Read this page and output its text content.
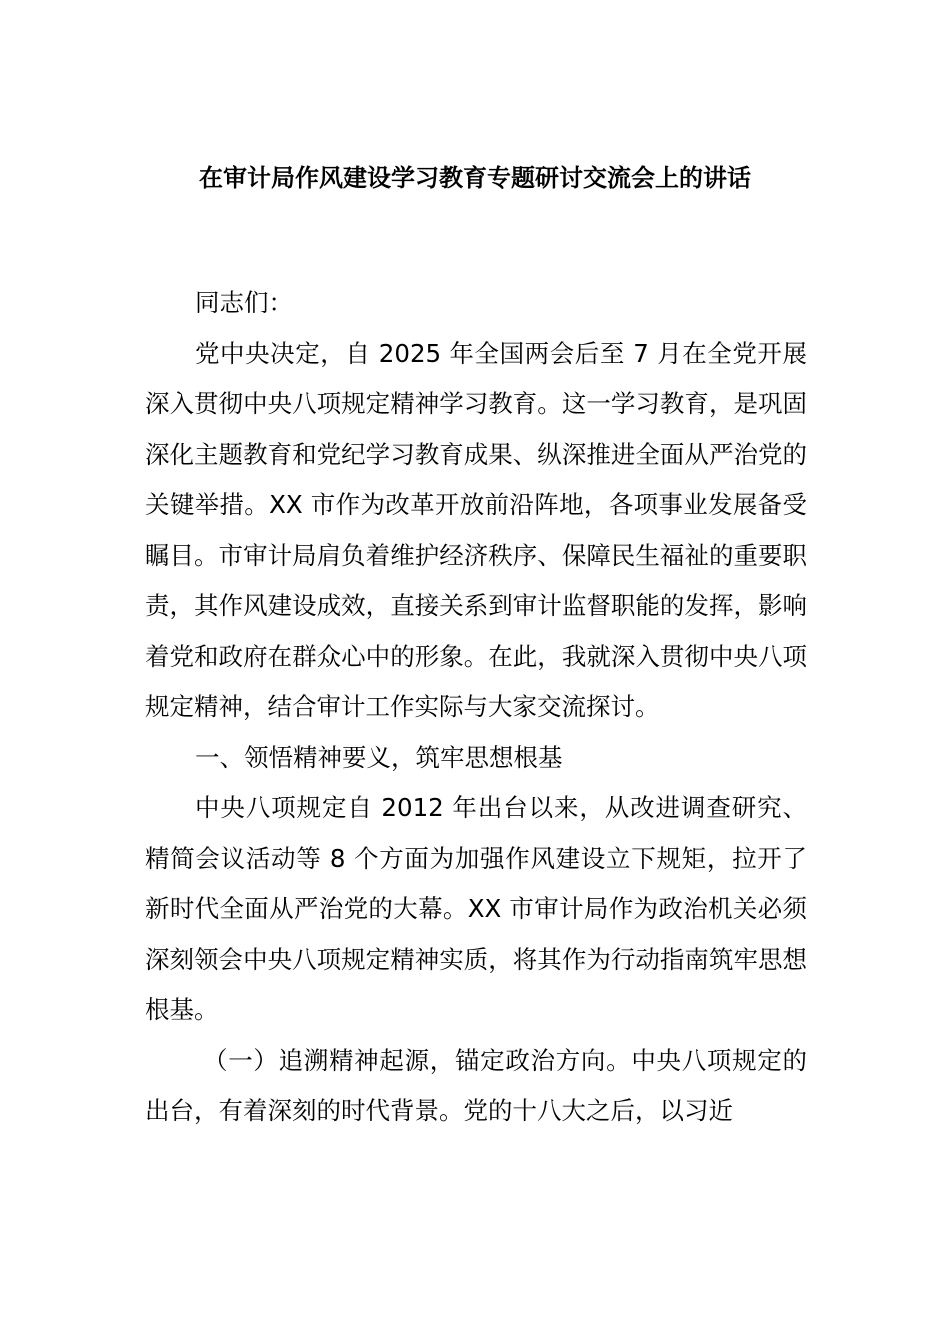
在审计局作风建设学习教育专题研讨交流会上的讲话

同志们：

党中央决定，自 2025 年全国两会后至 7 月在全党开展深入贯彻中央八项规定精神学习教育。这一学习教育，是巩固深化主题教育和党纪学习教育成果、纵深推进全面从严治党的关键举措。XX 市作为改革开放前沿阵地，各项事业发展备受瞩目。市审计局肩负着维护经济秩序、保障民生福祉的重要职责，其作风建设成效，直接关系到审计监督职能的发挥，影响着党和政府在群众心中的形象。在此，我就深入贯彻中央八项规定精神，结合审计工作实际与大家交流探讨。

一、领悟精神要义，筑牢思想根基

中央八项规定自 2012 年出台以来，从改进调查研究、精简会议活动等 8 个方面为加强作风建设立下规矩，拉开了新时代全面从严治党的大幕。XX 市审计局作为政治机关必须深刻领会中央八项规定精神实质，将其作为行动指南筑牢思想根基。

（一）追溯精神起源，锚定政治方向。中央八项规定的出台，有着深刻的时代背景。党的十八大之后，以习近
